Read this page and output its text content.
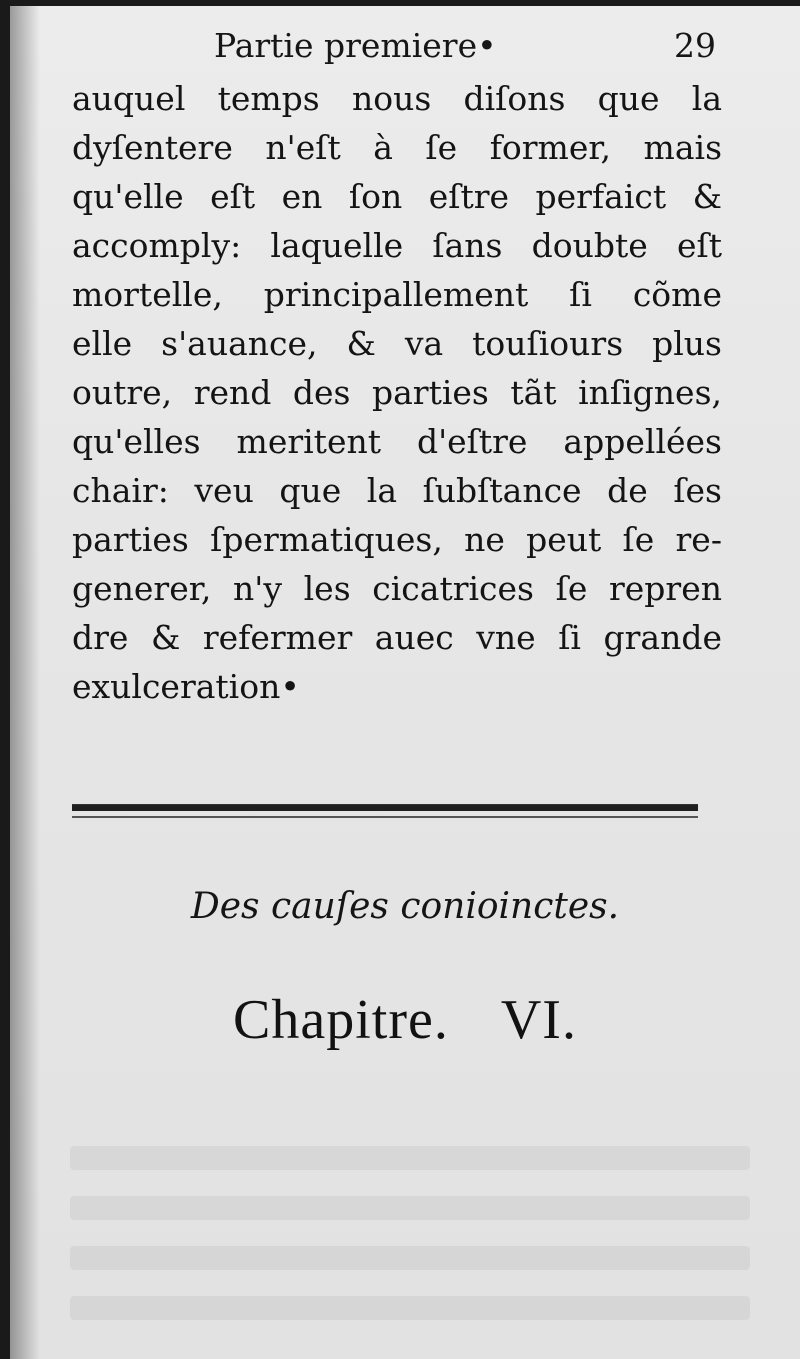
Partie premiere•	29
auquel temps nous diſons que la
dyſentere n'eſt à ſe former, mais
qu'elle eſt en ſon eſtre perfaict &
accomply: laquelle ſans doubte eſt
mortelle, principallement ſi cõme
elle s'auance, & va touſiours plus
outre, rend des parties tãt inſignes,
qu'elles meritent d'eſtre appellées
chair: veu que la ſubſtance de ſes
parties ſpermatiques, ne peut ſe re-
generer, n'y les cicatrices ſe repren
dre & refermer auec vne ſi grande
exulceration•
Des cauſes conioinctes.
Chapitre. VI.
